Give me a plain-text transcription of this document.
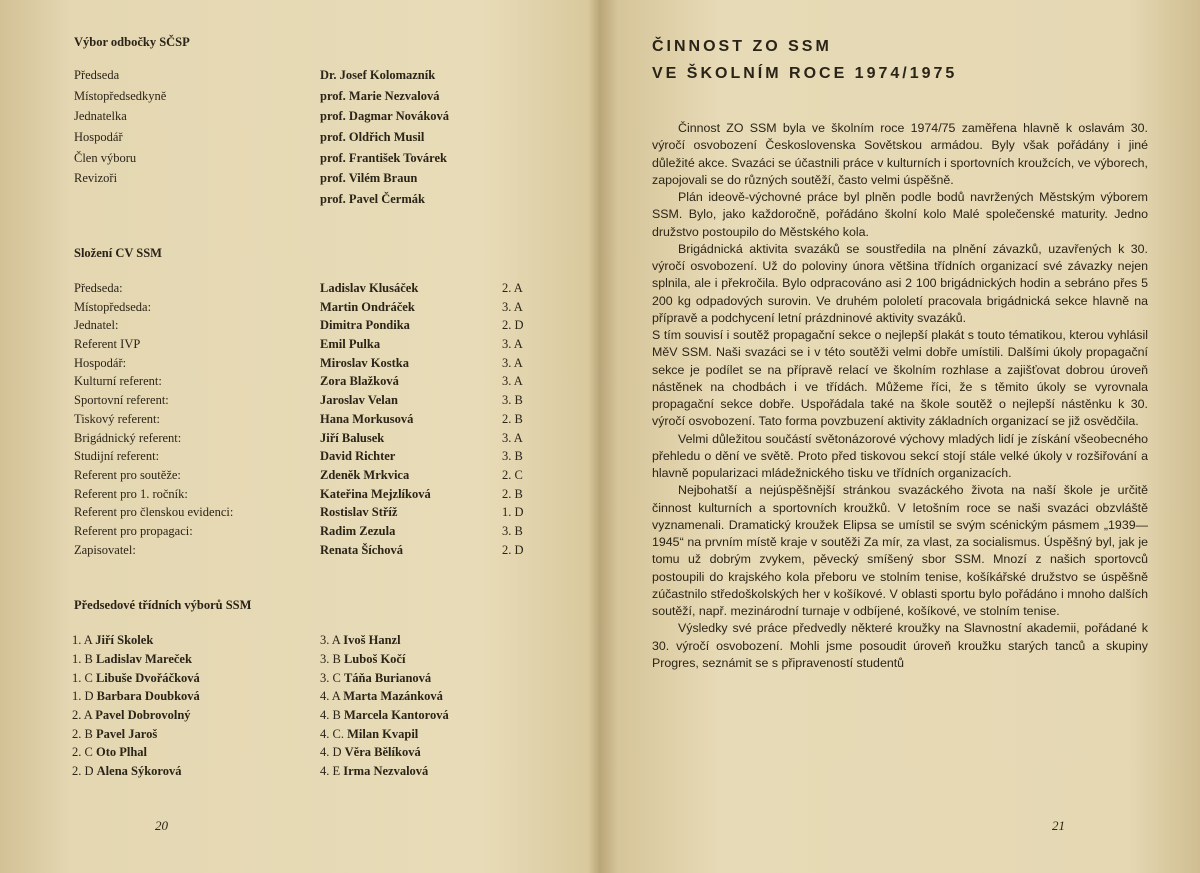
Výbor odbočky SČSP
Předseda	Dr. Josef Kolomazník
Místopředsedkyně	prof. Marie Nezvalová
Jednatelka	prof. Dagmar Nováková
Hospodář	prof. Oldřich Musil
Člen výboru	prof. František Továrek
Revizoři	prof. Vilém Braun
prof. Pavel Čermák
Složení CV SSM
Předseda:	Ladislav Klusáček	2. A
Místopředseda:	Martin Ondráček	3. A
Jednatel:	Dimitra Pondika	2. D
Referent IVP	Emil Pulka	3. A
Hospodář:	Miroslav Kostka	3. A
Kulturní referent:	Zora Blažková	3. A
Sportovní referent:	Jaroslav Velan	3. B
Tiskový referent:	Hana Morkusová	2. B
Brigádnický referent:	Jiří Balusek	3. A
Studijní referent:	David Richter	3. B
Referent pro soutěže:	Zdeněk Mrkvica	2. C
Referent pro 1. ročník:	Kateřina Mejzlíková	2. B
Referent pro členskou evidenci:	Rostislav Stříž	1. D
Referent pro propagaci:	Radim Zezula	3. B
Zapisovatel:	Renata Šíchová	2. D
Předsedové třídních výborů SSM
1. A Jiří Skolek
1. B Ladislav Mareček
1. C Libuše Dvořáčková
1. D Barbara Doubková
2. A Pavel Dobrovolný
2. B Pavel Jaroš
2. C Oto Plhal
2. D Alena Sýkorová
3. A Ivoš Hanzl
3. B Luboš Kočí
3. C Táňa Burianová
4. A Marta Mazánková
4. B Marcela Kantorová
4. C. Milan Kvapil
4. D Věra Bělíková
4. E Irma Nezvalová
20
ČINNOST ZO SSM
VE ŠKOLNÍM ROCE 1974/1975

Činnost ZO SSM byla ve školním roce 1974/75 zaměřena hlavně k oslavám 30. výročí osvobození Československa Sovětskou armádou. Byly však pořádány i jiné důležité akce. Svazáci se účastnili práce v kulturních i sportovních kroužcích, ve výborech, zapojovali se do různých soutěží, často velmi úspěšně.

Plán ideově-výchovné práce byl plněn podle bodů navržených Městským výborem SSM. Bylo, jako každoročně, pořádáno školní kolo Malé společenské maturity. Jedno družstvo postoupilo do Městského kola.

Brigádnická aktivita svazáků se soustředila na plnění závazků, uzavřených k 30. výročí osvobození. Už do poloviny února většina třídních organizací své závazky nejen splnila, ale i překročila. Bylo odpracováno asi 2 100 brigádnických hodin a sebráno přes 5 200 kg odpadových surovin. Ve druhém pololetí pracovala brigádnická sekce hlavně na přípravě a podchycení letní prázdninové aktivity svazáků.

S tím souvisí i soutěž propagační sekce o nejlepší plakát s touto tématikou, kterou vyhlásil MěV SSM. Naši svazáci se i v této soutěži velmi dobře umístili. Dalšími úkoly propagační sekce je podílet se na přípravě relací ve školním rozhlase a zajišťovat dobrou úroveň nástěnek na chodbách i ve třídách. Můžeme říci, že s těmito úkoly se vyrovnala propagační sekce dobře. Uspořádala také na škole soutěž o nejlepší nástěnku k 30. výročí osvobození. Tato forma povzbuzení aktivity základních organizací se již osvědčila.

Velmi důležitou součástí světonázorové výchovy mladých lidí je získání všeobecného přehledu o dění ve světě. Proto před tiskovou sekcí stojí stále velké úkoly v rozšiřování a hlavně popularizaci mládežnického tisku ve třídních organizacích.

Nejbohatší a nejúspěšnější stránkou svazáckého života na naší škole je určitě činnost kulturních a sportovních kroužků. V letošním roce se naši svazáci obzvláště vyznamenali. Dramatický kroužek Elipsa se umístil se svým scénickým pásmem „1939—1945“ na prvním místě kraje v soutěži Za mír, za vlast, za socialismus. Úspěšný byl, jak je tomu už dobrým zvykem, pěvecký smíšený sbor SSM. Mnozí z našich sportovců postoupili do krajského kola přeboru ve stolním tenise, košíkářské družstvo se úspěšně zúčastnilo středoškolských her v košíkové. V oblasti sportu bylo pořádáno i mnoho dalších soutěží, např. mezinárodní turnaje v odbíjené, košíkové, ve stolním tenise.

Výsledky své práce předvedly některé kroužky na Slavnostní akademii, pořádané k 30. výročí osvobození. Mohli jsme posoudit úroveň kroužku starých tanců a skupiny Progres, seznámit se s připraveností studentů

21
